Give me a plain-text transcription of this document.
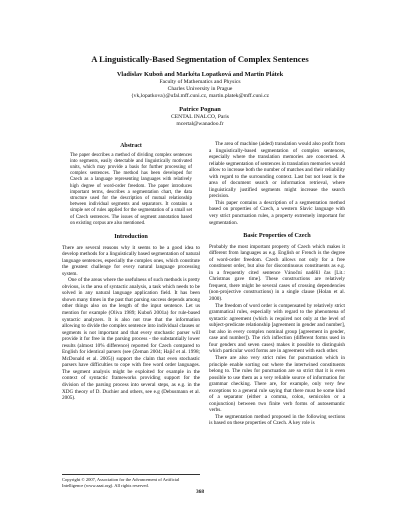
A Linguistically-Based Segmentation of Complex Sentences
Vladislav Kuboň and Markéta Lopatková and Martin Plátek
Faculty of Mathematics and Physics
Charles University in Prague
{vk,lopatkova}@ufal.mff.cuni.cz, martin.platek@mff.cuni.cz
Patrice Pognan
CENTAL INALCO, Paris
mcertal@wanadoo.fr
Abstract
The paper describes a method of dividing complex sentences into segments, easily detectable and linguistically motivated units, which may provide a basis for further processing of complex sentences. The method has been developed for Czech as a language representing languages with relatively high degree of word-order freedom. The paper introduces important terms, describes a segmentation chart, the data structure used for the description of mutual relationship between individual segments and separators. It contains a simple set of rules applied for the segmentation of a small set of Czech sentences. The issues of segment annotation based on existing corpus are also mentioned.
Introduction

There are several reasons why it seems to be a good idea to develop methods for a linguistically based segmentation of natural language sentences, especially the complex ones, which constitute the greatest challenge for every natural language processing system.

One of the areas where the usefulness of such methods is pretty obvious, is the area of syntactic analysis, a task which needs to be solved in any natural language application field. It has been shown many times in the past that parsing success depends among other things also on the length of the input sentence. Let us mention for example (Oliva 1989; Kuboň 2001a) for rule-based syntactic analyzers. It is also not true that the information allowing to divide the complex sentence into individual clauses or segments is not important and that every stochastic parser will provide it for free in the parsing process - the substantially lower results (almost 10% difference) reported for Czech compared to English for identical parsers (see (Zeman 2004; Hajič et al. 1998; McDonald et al. 2005)) support the claim that even stochastic parsers have difficulties to cope with free word order languages. The segment analysis might be exploited for example in the context of syntactic frameworks providing support for the division of the parsing process into several steps, as e.g. in the XDG theory of D. Duchier and others, see e.g (Debusmann et al. 2005).

Copyright © 2007, Association for the Advancement of Artificial Intelligence (www.aaai.org). All rights reserved.

The area of machine (aided) translation would also profit from a linguistically-based segmentation of complex sentences, especially where the translation memories are concerned. A reliable segmentation of sentences in translation memories would allow to increase both the number of matches and their reliability with regard to the surrounding context. Last but not least is the area of document search or information retrieval, where linguistically justified segments might increase the search precision.

This paper contains a description of a segmentation method based on properties of Czech, a western Slavic language with very strict punctuation rules, a property extremely important for segmentation.

Basic Properties of Czech

Probably the most important property of Czech which makes it different from languages as e.g. English or French is the degree of word-order freedom. Czech allows not only for a free constituent order, but also for discontinuous constituents as e.g. in a frequently cited sentence Vánoční nadělil čas [Lit.: Christmas gave time]. These constructions are relatively frequent, there might be several cases of crossing dependencies (non-projective constructions) in a single clause (Holan et al. 2000).

The freedom of word order is compensated by relatively strict grammatical rules, especially with regard to the phenomena of syntactic agreement (which is required not only at the level of subject-predicate relationship [agreement in gender and number], but also in every complex nominal group [agreement in gender, case and number]). The rich inflection (different forms used in four genders and seven cases) makes it possible to distinguish which particular word forms are in agreement with each other.

There are also very strict rules for punctuation which in principle enable sorting out where the intertwined constituents belong to. The rules for punctuation are so strict that it is even possible to use them as a very reliable source of information for grammar checking. There are, for example, only very few exceptions to a general rule saying that there must be some kind of a separator (either a comma, colon, semicolon or a conjunction) between two finite verb forms of autosemantic verbs.

The segmentation method proposed in the following sections is based on these properties of Czech. A key role is

368
